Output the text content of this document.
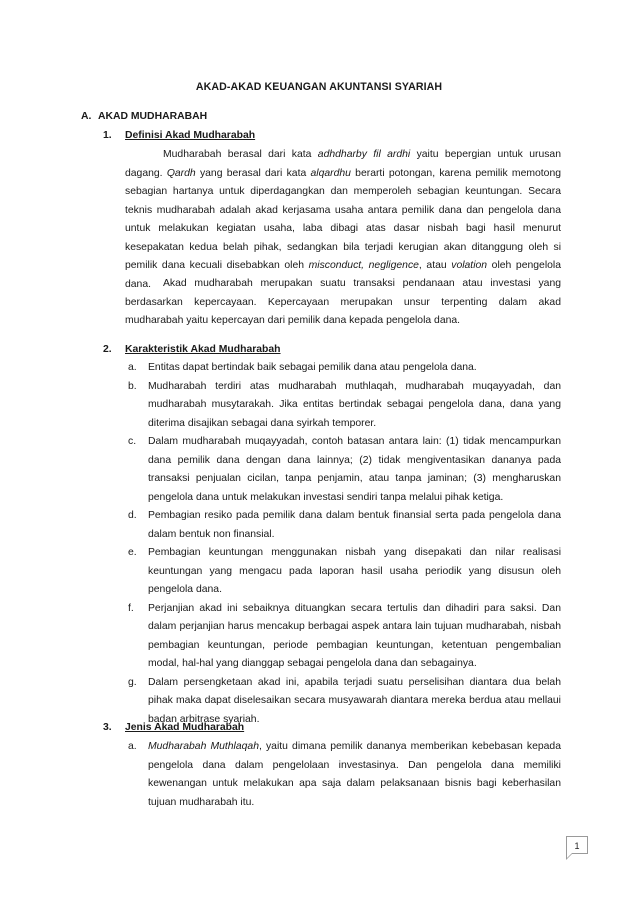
AKAD-AKAD KEUANGAN AKUNTANSI SYARIAH
A. AKAD MUDHARABAH
1. Definisi Akad Mudharabah
Mudharabah berasal dari kata adhdharby fil ardhi yaitu bepergian untuk urusan dagang. Qardh yang berasal dari kata alqardhu berarti potongan, karena pemilik memotong sebagian hartanya untuk diperdagangkan dan memperoleh sebagian keuntungan. Secara teknis mudharabah adalah akad kerjasama usaha antara pemilik dana dan pengelola dana untuk melakukan kegiatan usaha, laba dibagi atas dasar nisbah bagi hasil menurut kesepakatan kedua belah pihak, sedangkan bila terjadi kerugian akan ditanggung oleh si pemilik dana kecuali disebabkan oleh misconduct, negligence, atau volation oleh pengelola dana.	Akad mudharabah merupakan suatu transaksi pendanaan atau investasi yang berdasarkan kepercayaan. Kepercayaan merupakan unsur terpenting dalam akad mudharabah yaitu kepercayan dari pemilik dana kepada pengelola dana.
2. Karakteristik Akad Mudharabah
a. Entitas dapat bertindak baik sebagai pemilik dana atau pengelola dana.
b. Mudharabah terdiri atas mudharabah muthlaqah, mudharabah muqayyadah, dan mudharabah musytarakah. Jika entitas bertindak sebagai pengelola dana, dana yang diterima disajikan sebagai dana syirkah temporer.
c. Dalam mudharabah muqayyadah, contoh batasan antara lain: (1) tidak mencampurkan dana pemilik dana dengan dana lainnya; (2) tidak mengiventasikan dananya pada transaksi penjualan cicilan, tanpa penjamin, atau tanpa jaminan; (3) mengharuskan pengelola dana untuk melakukan investasi sendiri tanpa melalui pihak ketiga.
d. Pembagian resiko pada pemilik dana dalam bentuk finansial serta pada pengelola dana dalam bentuk non finansial.
e. Pembagian keuntungan menggunakan nisbah yang disepakati dan nilar realisasi keuntungan yang mengacu pada laporan hasil usaha periodik yang disusun oleh pengelola dana.
f. Perjanjian akad ini sebaiknya dituangkan secara tertulis dan dihadiri para saksi. Dan dalam perjanjian harus mencakup berbagai aspek antara lain tujuan mudharabah, nisbah pembagian keuntungan, periode pembagian keuntungan, ketentuan pengembalian modal, hal-hal yang dianggap sebagai pengelola dana dan sebagainya.
g. Dalam persengketaan akad ini, apabila terjadi suatu perselisihan diantara dua belah pihak maka dapat diselesaikan secara musyawarah diantara mereka berdua atau mellaui badan arbitrase syariah.
3. Jenis Akad Mudharabah
a. Mudharabah Muthlaqah, yaitu dimana pemilik dananya memberikan kebebasan kepada pengelola dana dalam pengelolaan investasinya. Dan pengelola dana memiliki kewenangan untuk melakukan apa saja dalam pelaksanaan bisnis bagi keberhasilan tujuan mudharabah itu.
1
